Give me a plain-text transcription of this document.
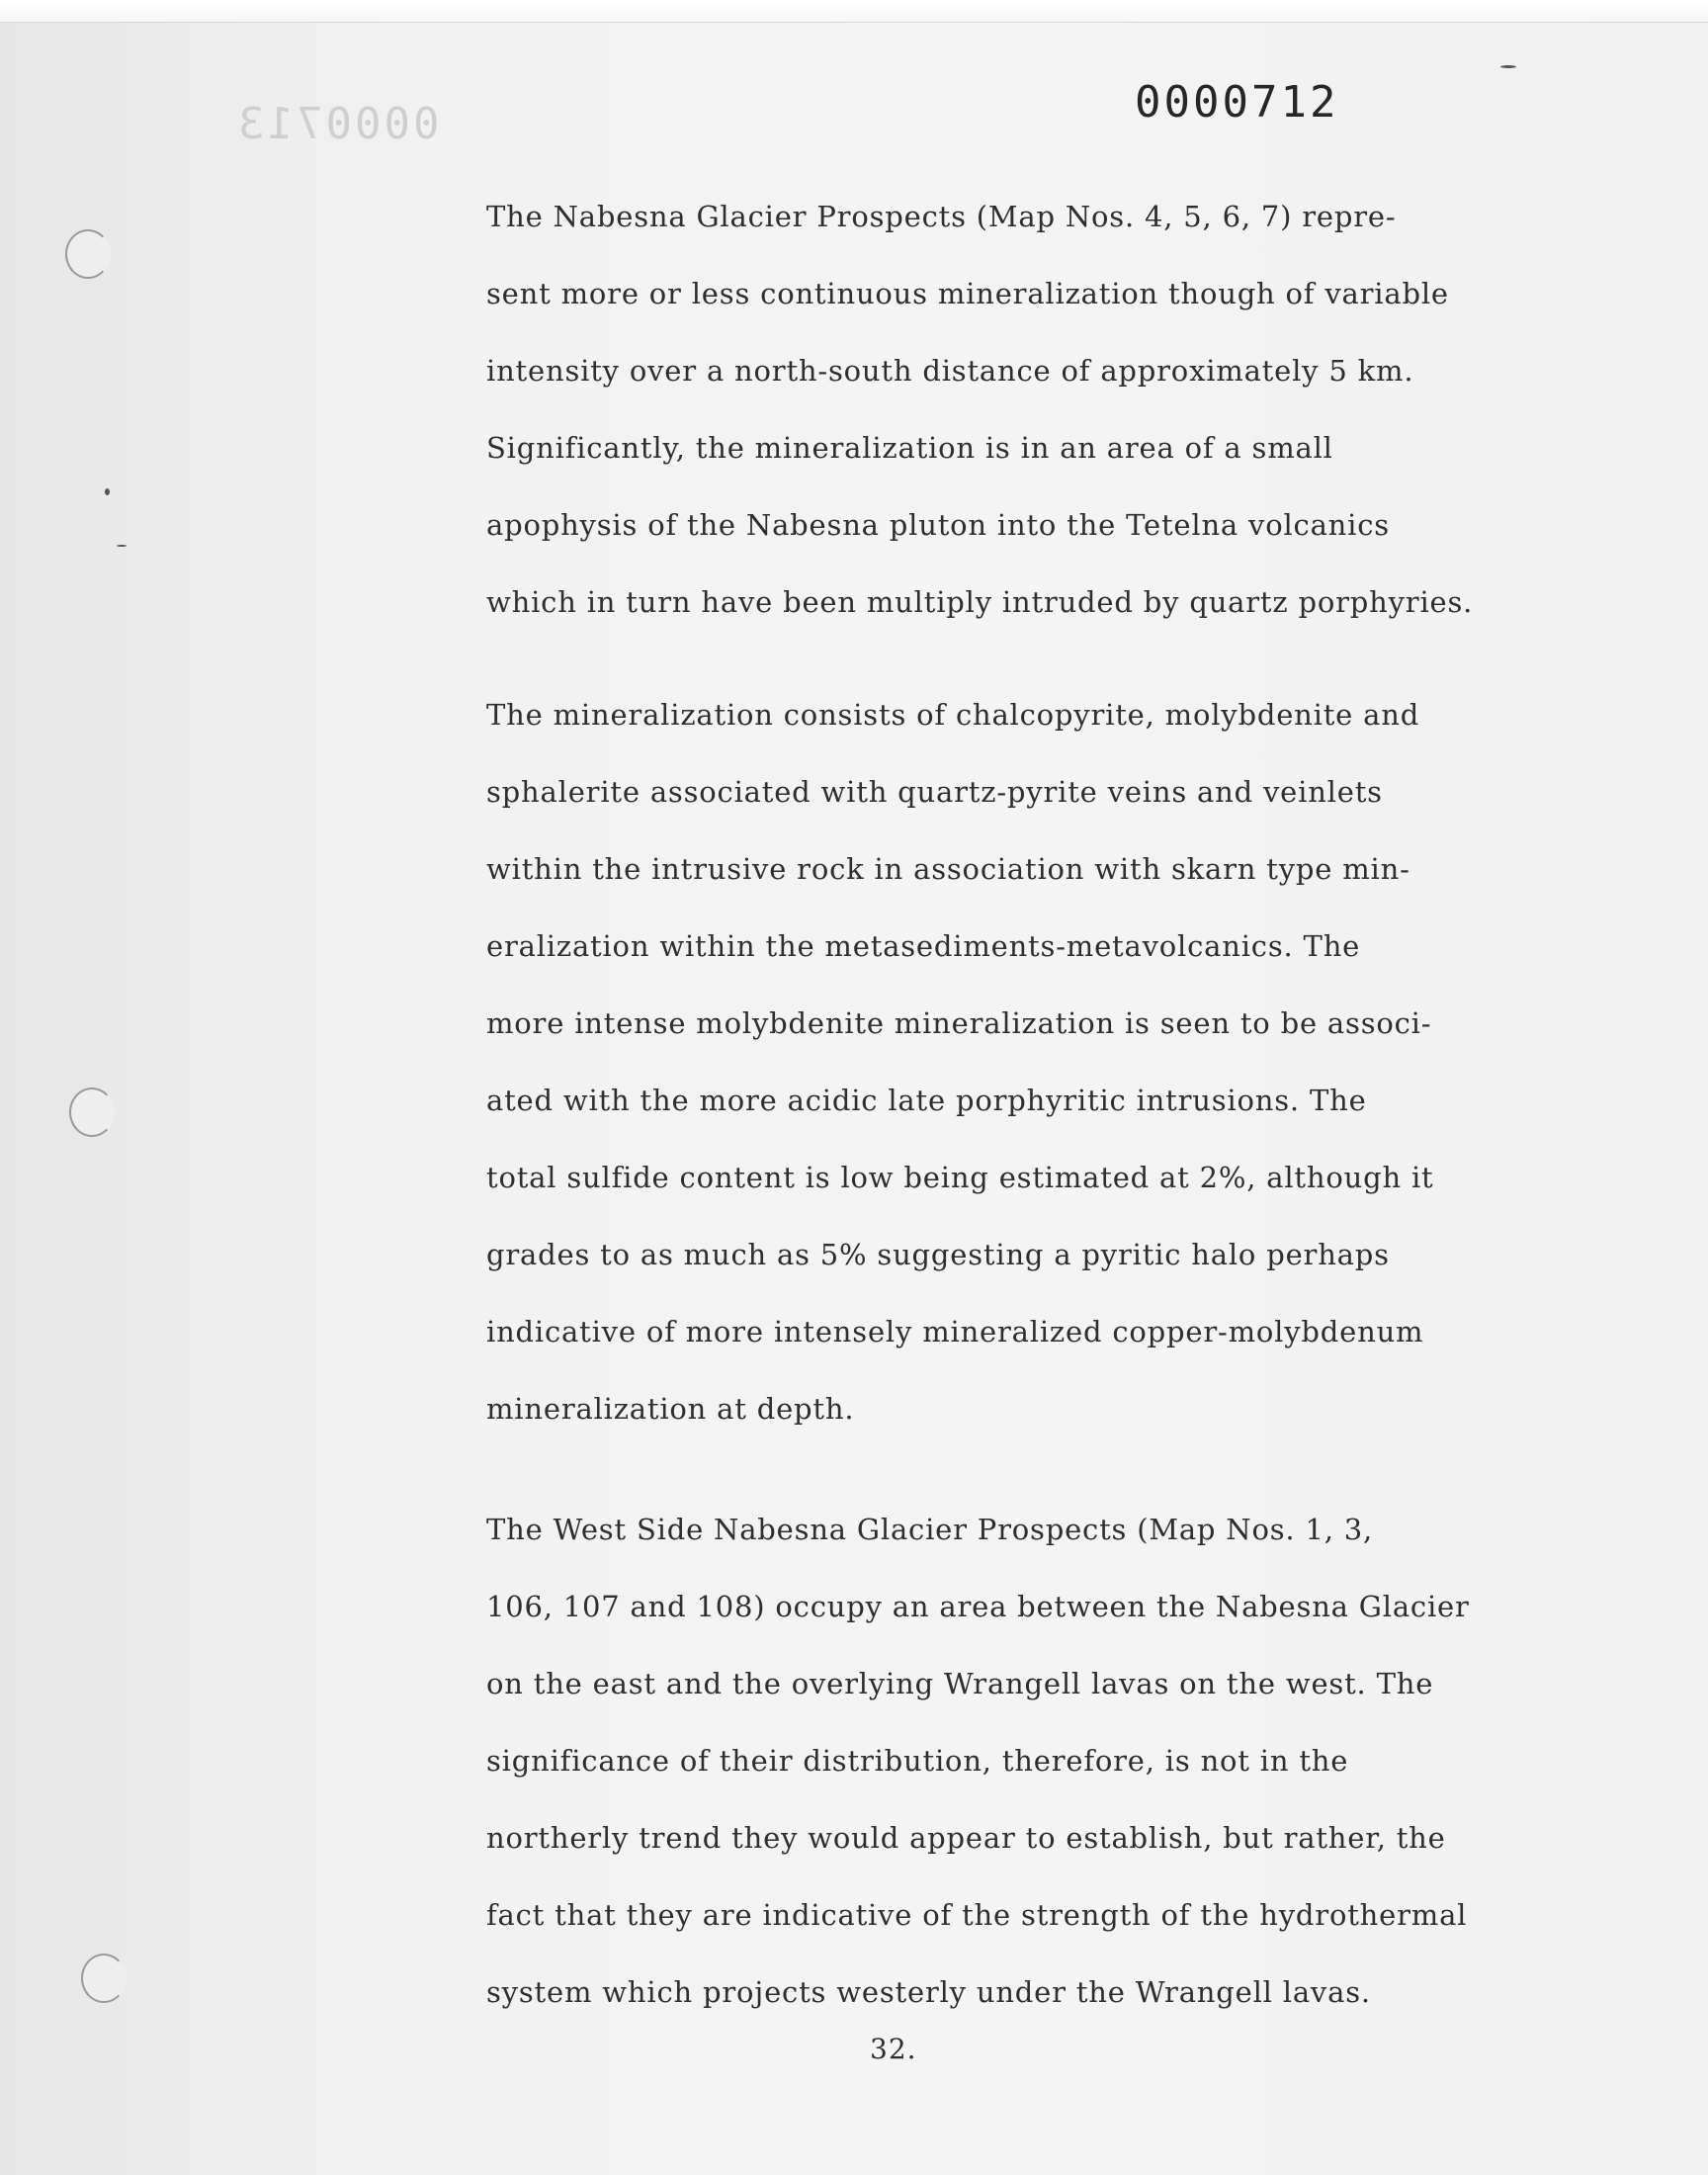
0000713	0000712
The Nabesna Glacier Prospects (Map Nos. 4, 5, 6, 7) repre-
sent more or less continuous mineralization though of variable
intensity over a north-south distance of approximately 5 km.
Significantly, the mineralization is in an area of a small
apophysis of the Nabesna pluton into the Tetelna volcanics
which in turn have been multiply intruded by quartz porphyries.
The mineralization consists of chalcopyrite, molybdenite and
sphalerite associated with quartz-pyrite veins and veinlets
within the intrusive rock in association with skarn type min-
eralization within the metasediments-metavolcanics. The
more intense molybdenite mineralization is seen to be associ-
ated with the more acidic late porphyritic intrusions. The
total sulfide content is low being estimated at 2%, although it
grades to as much as 5% suggesting a pyritic halo perhaps
indicative of more intensely mineralized copper-molybdenum
mineralization at depth.
The West Side Nabesna Glacier Prospects (Map Nos. 1, 3,
106, 107 and 108) occupy an area between the Nabesna Glacier
on the east and the overlying Wrangell lavas on the west. The
significance of their distribution, therefore, is not in the
northerly trend they would appear to establish, but rather, the
fact that they are indicative of the strength of the hydrothermal
system which projects westerly under the Wrangell lavas.
32.
